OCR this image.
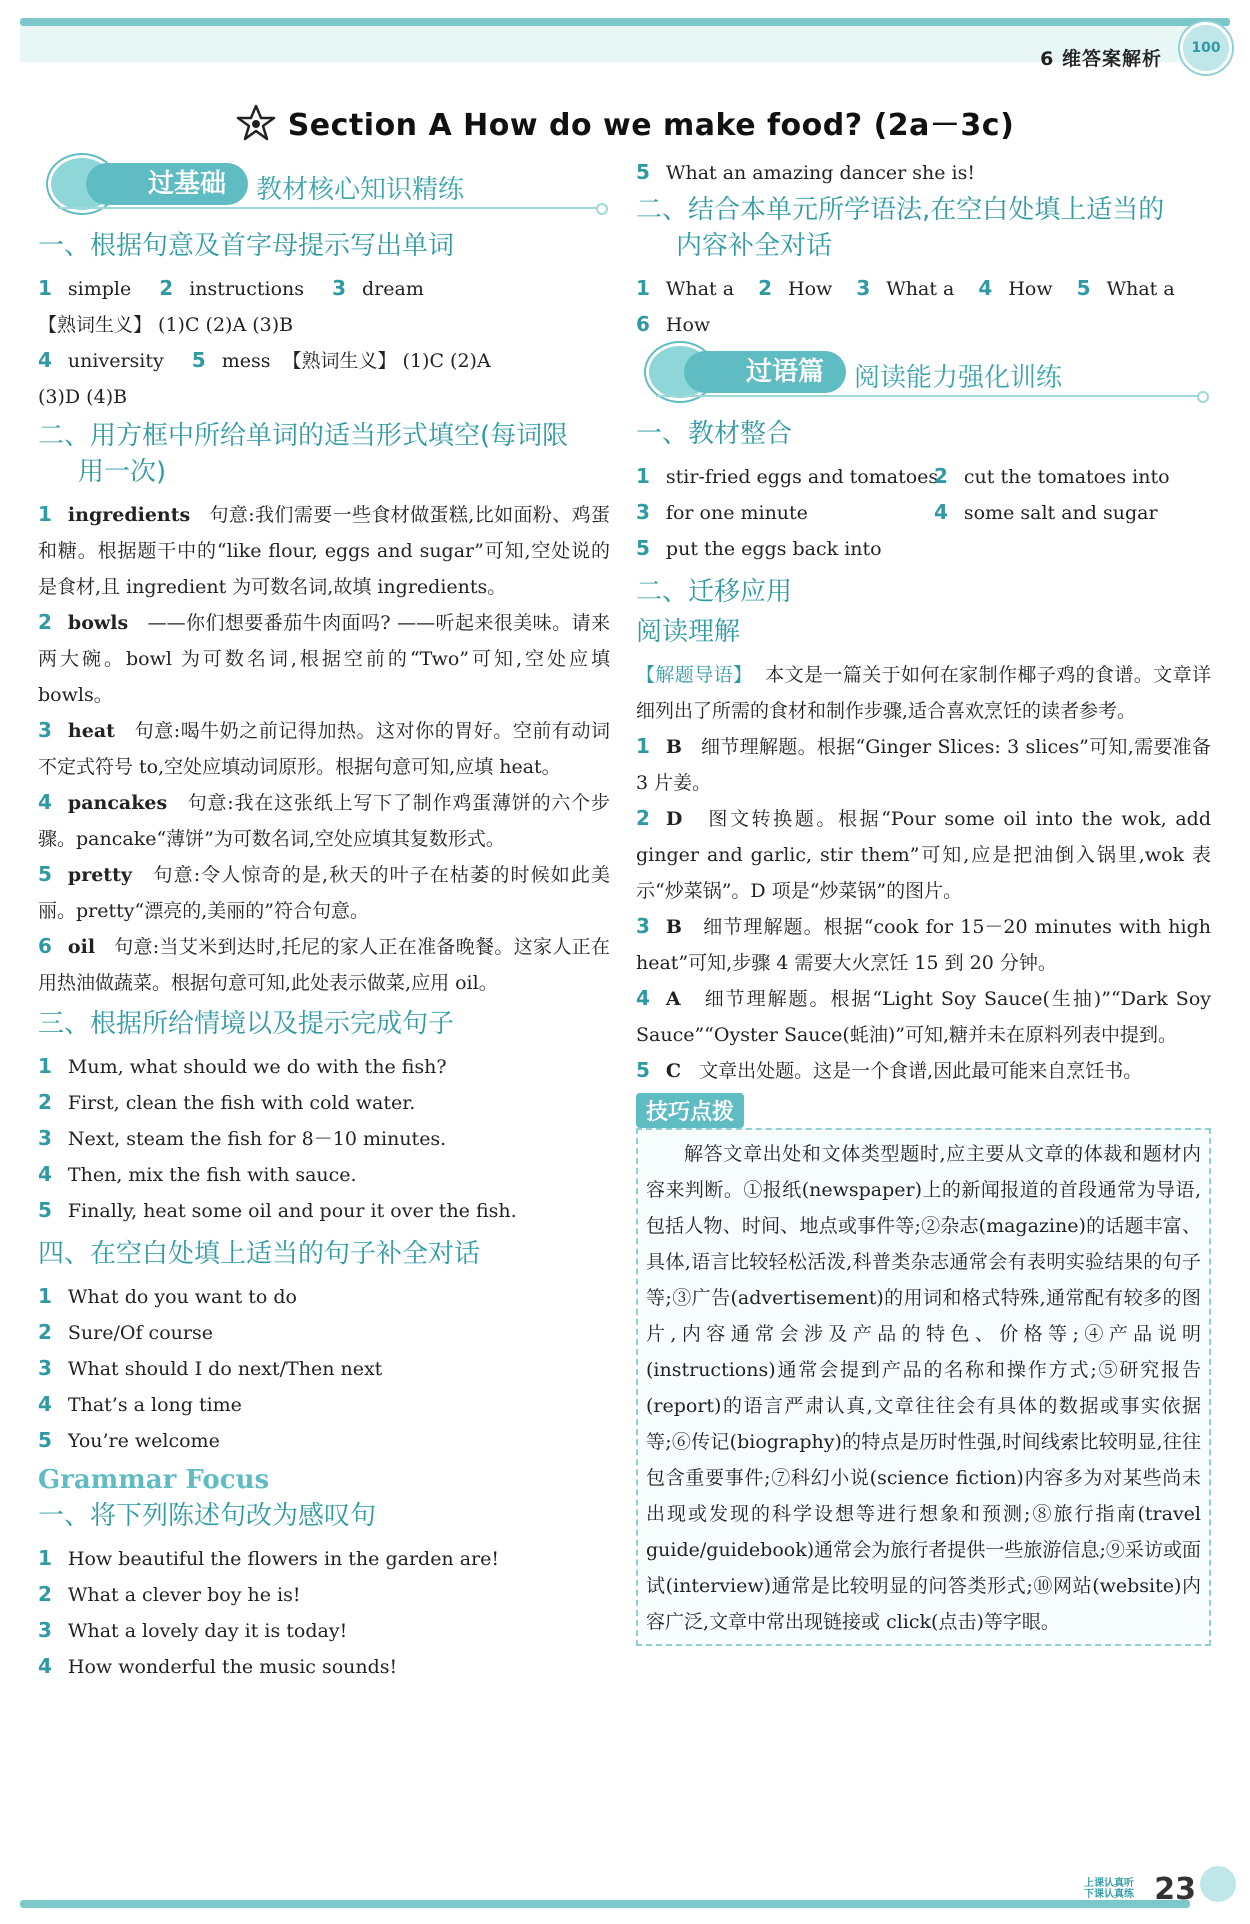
6 维答案解析	100
Section A How do we make food? (2a－3c)
过基础	教材核心知识精练
一、根据句意及首字母提示写出单词
1 simple 2 instructions 3 dream
【熟词生义】 (1)C (2)A (3)B
4 university 5 mess 【熟词生义】 (1)C (2)A
(3)D (4)B
二、用方框中所给单词的适当形式填空(每词限
用一次)

1 ingredients 句意:我们需要一些食材做蛋糕,比如面粉、鸡蛋和糖。根据题干中的“like flour, eggs and sugar”可知,空处说的是食材,且 ingredient 为可数名词,故填 ingredients。

2 bowls ——你们想要番茄牛肉面吗? ——听起来很美味。请来两大碗。bowl 为可数名词,根据空前的“Two”可知,空处应填 bowls。

3 heat 句意:喝牛奶之前记得加热。这对你的胃好。空前有动词不定式符号 to,空处应填动词原形。根据句意可知,应填 heat。

4 pancakes 句意:我在这张纸上写下了制作鸡蛋薄饼的六个步骤。pancake“薄饼”为可数名词,空处应填其复数形式。

5 pretty 句意:令人惊奇的是,秋天的叶子在枯萎的时候如此美丽。pretty“漂亮的,美丽的”符合句意。

6 oil 句意:当艾米到达时,托尼的家人正在准备晚餐。这家人正在用热油做蔬菜。根据句意可知,此处表示做菜,应用 oil。

三、根据所给情境以及提示完成句子
1 Mum, what should we do with the fish?
2 First, clean the fish with cold water.
3 Next, steam the fish for 8－10 minutes.
4 Then, mix the fish with sauce.
5 Finally, heat some oil and pour it over the fish.
四、在空白处填上适当的句子补全对话
1 What do you want to do
2 Sure/Of course
3 What should I do next/Then next
4 That’s a long time
5 You’re welcome
Grammar Focus
一、将下列陈述句改为感叹句
1 How beautiful the flowers in the garden are!
2 What a clever boy he is!
3 What a lovely day it is today!
4 How wonderful the music sounds!
5 What an amazing dancer she is!
二、结合本单元所学语法,在空白处填上适当的
内容补全对话
1 What a 2 How 3 What a 4 How 5 What a
6 How
过语篇	阅读能力强化训练
一、教材整合
1 stir-fried eggs and tomatoes 2 cut the tomatoes into
3 for one minute	4 some salt and sugar
5 put the eggs back into
二、迁移应用
阅读理解

【解题导语】 本文是一篇关于如何在家制作椰子鸡的食谱。文章详细列出了所需的食材和制作步骤,适合喜欢烹饪的读者参考。

1 B 细节理解题。根据“Ginger Slices: 3 slices”可知,需要准备 3 片姜。

2 D 图文转换题。根据“Pour some oil into the wok, add ginger and garlic, stir them”可知,应是把油倒入锅里,wok 表示“炒菜锅”。D 项是“炒菜锅”的图片。

3 B 细节理解题。根据“cook for 15－20 minutes with high heat”可知,步骤 4 需要大火烹饪 15 到 20 分钟。

4 A 细节理解题。根据“Light Soy Sauce(生抽)”“Dark Soy Sauce”“Oyster Sauce(蚝油)”可知,糖并未在原料列表中提到。

5 C 文章出处题。这是一个食谱,因此最可能来自烹饪书。

技巧点拨

解答文章出处和文体类型题时,应主要从文章的体裁和题材内容来判断。①报纸(newspaper)上的新闻报道的首段通常为导语,包括人物、时间、地点或事件等;②杂志(magazine)的话题丰富、具体,语言比较轻松活泼,科普类杂志通常会有表明实验结果的句子等;③广告(advertisement)的用词和格式特殊,通常配有较多的图片,内容通常会涉及产品的特色、价格等;④产品说明(instructions)通常会提到产品的名称和操作方式;⑤研究报告(report)的语言严肃认真,文章往往会有具体的数据或事实依据等;⑥传记(biography)的特点是历时性强,时间线索比较明显,往往包含重要事件;⑦科幻小说(science fiction)内容多为对某些尚未出现或发现的科学设想等进行想象和预测;⑧旅行指南(travel guide/guidebook)通常会为旅行者提供一些旅游信息;⑨采访或面试(interview)通常是比较明显的问答类形式;⑩网站(website)内容广泛,文章中常出现链接或 click(点击)等字眼。

上课认真听
下课认真练 23
